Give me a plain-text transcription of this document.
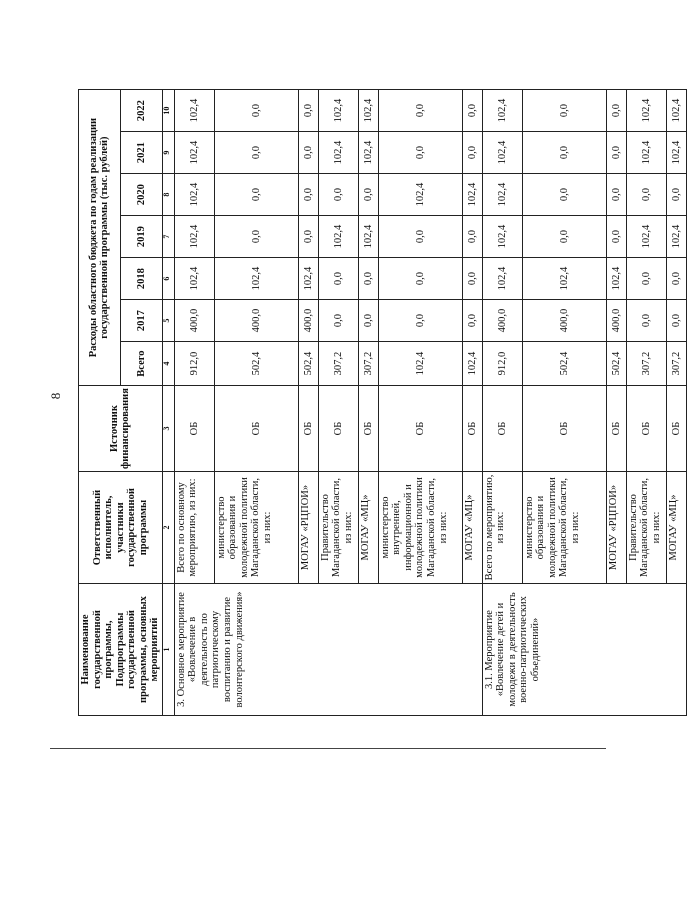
8
Наименование государственной программы, Подпрограммы государственной программы, основных мероприятий	Ответственный исполнитель, участники государственной программы	Источник финансирования	Расходы областного бюджета по годам реализации государственной программы (тыс. рублей)						
			Всего	2017	2018	2019	2020	2021	2022
1	2	3	4	5	6	7	8	9	10
3. Основное мероприятие «Вовлечение в деятельность по патриотическому воспитанию и развитие волонтерского движения»	Всего по основному мероприятию, из них:	ОБ	912,0	400,0	102,4	102,4	102,4	102,4	102,4
	министерство образования и молодежной политики Магаданской области, из них:	ОБ	502,4	400,0	102,4	0,0	0,0	0,0	0,0
	МОГАУ «РЦПОИ»	ОБ	502,4	400,0	102,4	0,0	0,0	0,0	0,0
	Правительство Магаданской области, из них:	ОБ	307,2	0,0	0,0	102,4	0,0	102,4	102,4
	МОГАУ «МЦ»	ОБ	307,2	0,0	0,0	102,4	0,0	102,4	102,4
	министерство внутренней, информационной и молодежной политики Магаданской области, из них:	ОБ	102,4	0,0	0,0	0,0	102,4	0,0	0,0
	МОГАУ «МЦ»	ОБ	102,4	0,0	0,0	0,0	102,4	0,0	0,0
3.1. Мероприятие «Вовлечение детей и молодежи в деятельность военно-патриотических объединений»	Всего по мероприятию, из них:	ОБ	912,0	400,0	102,4	102,4	102,4	102,4	102,4
	министерство образования и молодежной политики Магаданской области, из них:	ОБ	502,4	400,0	102,4	0,0	0,0	0,0	0,0
	МОГАУ «РЦПОИ»	ОБ	502,4	400,0	102,4	0,0	0,0	0,0	0,0
	Правительство Магаданской области, из них:	ОБ	307,2	0,0	0,0	102,4	0,0	102,4	102,4
	МОГАУ «МЦ»	ОБ	307,2	0,0	0,0	102,4	0,0	102,4	102,4
